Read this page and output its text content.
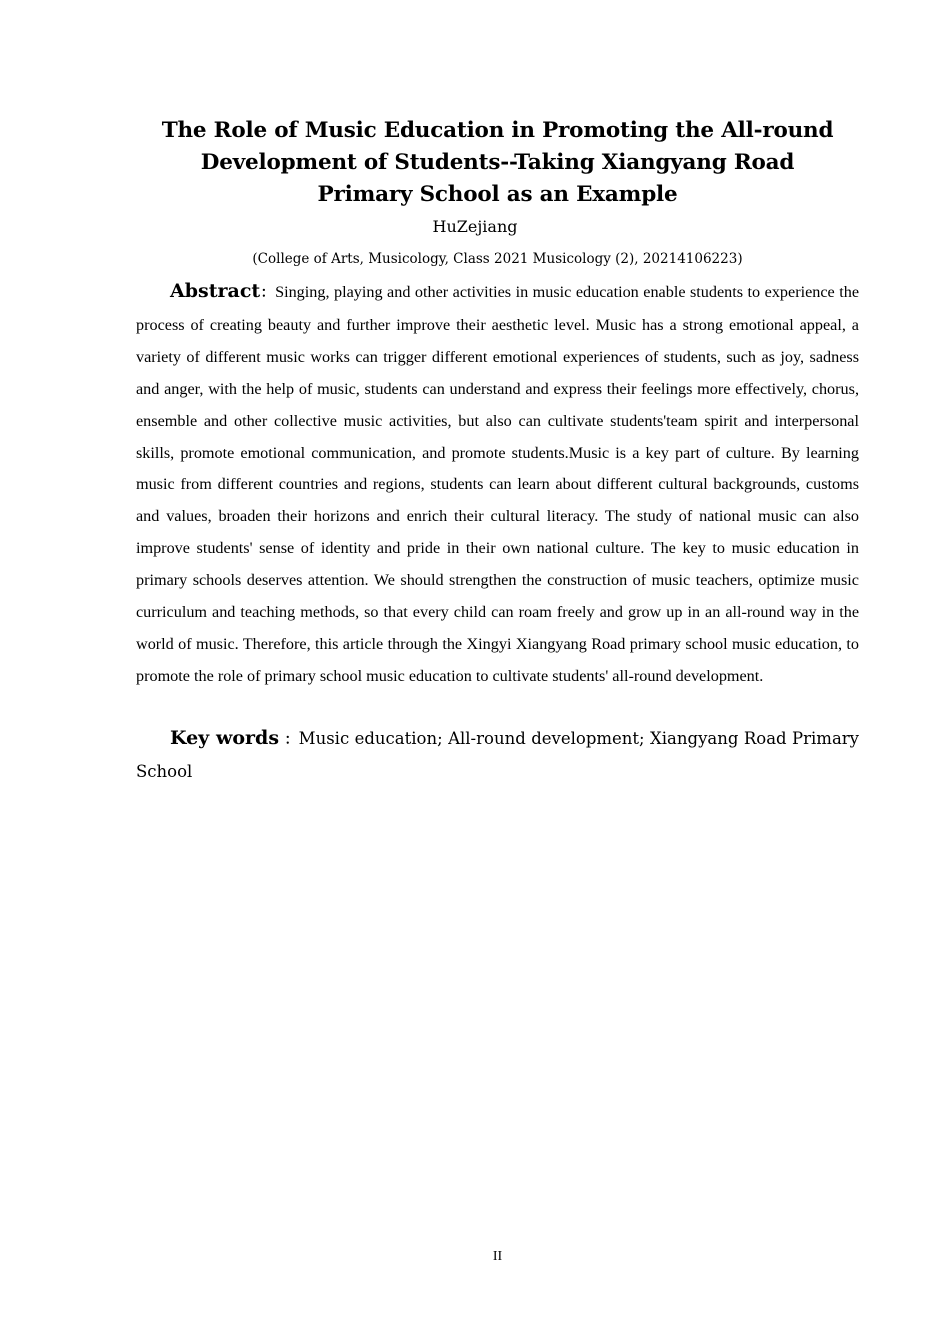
The Role of Music Education in Promoting the All-round Development of Students--Taking Xiangyang Road Primary School as an Example
HuZejiang
(College of Arts, Musicology, Class 2021 Musicology (2), 20214106223)

Abstract：Singing, playing and other activities in music education enable students to experience the process of creating beauty and further improve their aesthetic level. Music has a strong emotional appeal, a variety of different music works can trigger different emotional experiences of students, such as joy, sadness and anger, with the help of music, students can understand and express their feelings more effectively, chorus, ensemble and other collective music activities, but also can cultivate students'team spirit and interpersonal skills, promote emotional communication, and promote students.Music is a key part of culture. By learning music from different countries and regions, students can learn about different cultural backgrounds, customs and values, broaden their horizons and enrich their cultural literacy. The study of national music can also improve students' sense of identity and pride in their own national culture. The key to music education in primary schools deserves attention. We should strengthen the construction of music teachers, optimize music curriculum and teaching methods, so that every child can roam freely and grow up in an all-round way in the world of music. Therefore, this article through the Xingyi Xiangyang Road primary school music education, to promote the role of primary school music education to cultivate students' all-round development.

Key words ：Music education; All-round development; Xiangyang Road Primary School

II
